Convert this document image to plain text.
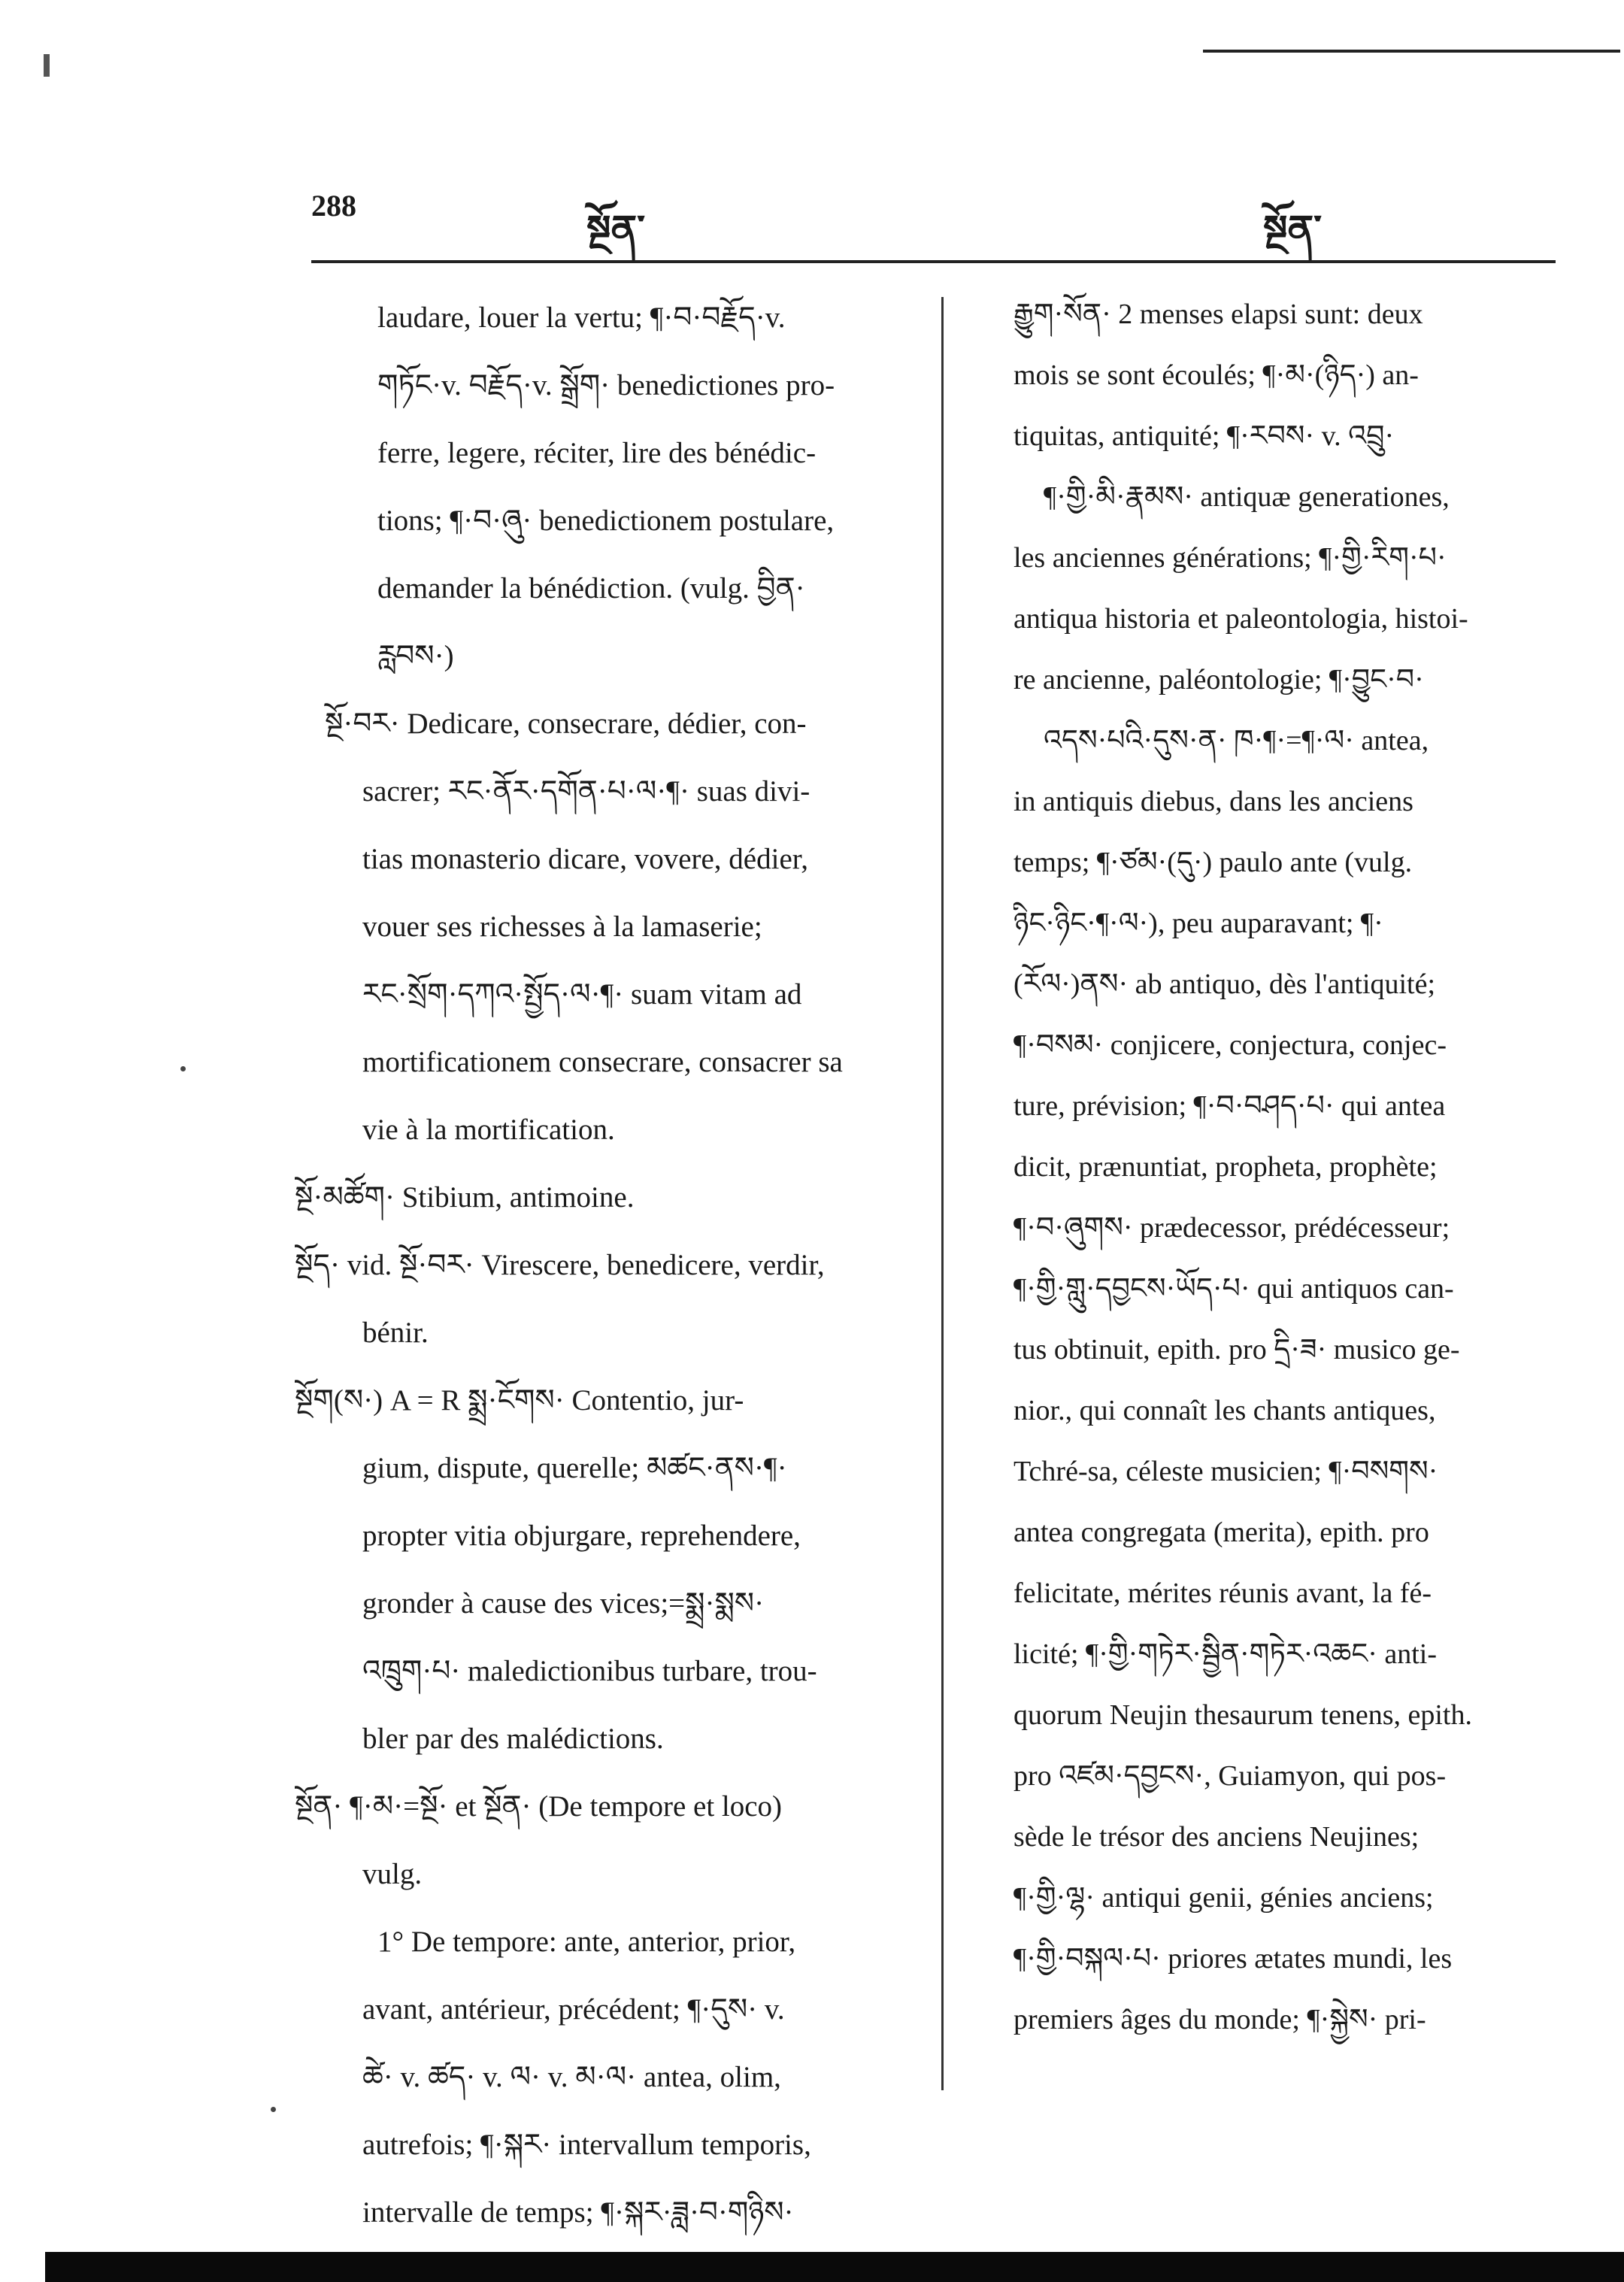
288
སྔོན་	སྔོན་

laudare, louer la vertu; ¶·བ·བརྗོད·v.
གཏོང·v. བརྗོད·v. སྒྲོག· benedictiones pro-
ferre, legere, réciter, lire des bénédic-
tions; ¶·བ·ཞུ· benedictionem postulare,
demander la bénédiction. (vulg. བྱིན·
རླབས·)

སྔོ·བར· Dedicare, consecrare, dédier, con-
sacrer; རང·ནོར·དགོན·པ·ལ·¶· suas divi-
tias monasterio dicare, vovere, dédier,
vouer ses richesses à la lamaserie;
རང·སྲོག·དཀའ·སྤྱོད·ལ·¶· suam vitam ad
mortificationem consecrare, consacrer sa
vie à la mortification.

སྔོ·མཚོག· Stibium, antimoine.
སྔོད· vid. སྔོ·བར· Virescere, benedicere, verdir,
bénir.

སྔོག(ས·) A = R སྨྲ·ངོགས· Contentio, jur-
gium, dispute, querelle; མཚང·ནས·¶·
propter vitia objurgare, reprehendere,
gronder à cause des vices;=སྨྲ·སྨས·
འཁྲུག·པ· maledictionibus turbare, trou-
bler par des malédictions.

སྔོན· ¶·མ·=སྔོ· et སྔོན· (De tempore et loco)
vulg.
1° De tempore: ante, anterior, prior,
avant, antérieur, précédent; ¶·དུས· v.
ཚེ· v. ཚད· v. ལ· v. མ·ལ· antea, olim,
autrefois; ¶·སྐར· intervallum temporis,
intervalle de temps; ¶·སྐར·ཟླ·བ·གཉིས·

རྒྱུག·སོན· 2 menses elapsi sunt: deux
mois se sont écoulés; ¶·མ·(ཉིད·) an-
tiquitas, antiquité; ¶·རབས· v. འབྲུ·
¶·གྱི·མི·རྣམས· antiquæ generationes,
les anciennes générations; ¶·གྱི·རིག·པ·
antiqua historia et paleontologia, histoi-
re ancienne, paléontologie; ¶·བྱུང·བ·
འདས·པའི·དུས·ན· ཁ·¶·=¶·ལ· antea,
in antiquis diebus, dans les anciens
temps; ¶·ཙམ·(དུ·) paulo ante (vulg.
ཉིང·ཉིང·¶·ལ·), peu auparavant; ¶·
(རོལ·)ནས· ab antiquo, dès l'antiquité;
¶·བསམ· conjicere, conjectura, conjec-
ture, prévision; ¶·བ·བཤད·པ· qui antea
dicit, prænuntiat, propheta, prophète;
¶·བ·ཞུགས· prædecessor, prédécesseur;
¶·གྱི·གླུ·དབྱངས·ཡོད·པ· qui antiquos can-
tus obtinuit, epith. pro དྲི·ཟ· musico ge-
nior., qui connaît les chants antiques,
Tchré-sa, céleste musicien; ¶·བསགས·
antea congregata (merita), epith. pro
felicitate, mérites réunis avant, la fé-
licité; ¶·གྱི·གཏེར·སྦྱིན·གཏེར·འཆང· anti-
quorum Neujin thesaurum tenens, epith.
pro འཛམ·དབྱངས·, Guiamyon, qui pos-
sède le trésor des anciens Neujines;
¶·གྱི·ལྷ· antiqui genii, génies anciens;
¶·གྱི·བསྐལ·པ· priores ætates mundi, les
premiers âges du monde; ¶·སྐྱེས· pri-
